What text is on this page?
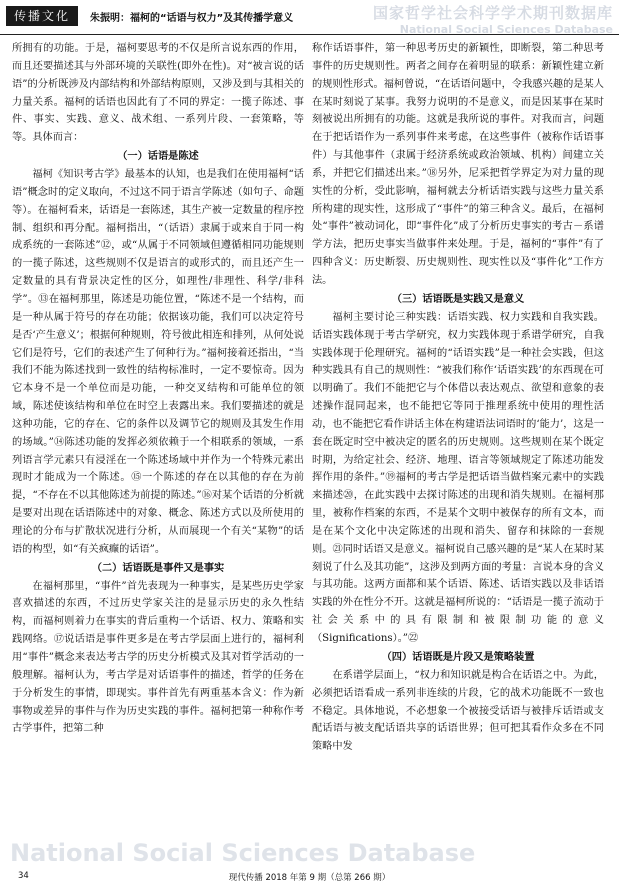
传播文化	朱振明：福柯的“话语与权力”及其传播学意义	国家哲学社会科学学术期刊数据库
National Social Sciences Database

所拥有的功能。于是，福柯要思考的不仅是所言说东西的作用，而且还要描述其与外部环境的关联性(即外在性)。对“被言说的话语”的分析既涉及内部结构和外部结构原则，又涉及到与其相关的力量关系。福柯的话语也因此有了不同的界定：一揽子陈述、事件、事实、实践、意义、战术组、一系列片段、一套策略，等等。具体而言：

（一）话语是陈述

福柯《知识考古学》最基本的认知，也是我们在使用福柯“话语”概念时的定义取向，不过这不同于语言学陈述（如句子、命题等）。在福柯看来，话语是一套陈述，其生产被一定数量的程序控制、组织和再分配。福柯指出，“（话语）隶属于或来自于同一构成系统的一套陈述”⑫，或“从属于不同领域但遵循相同功能规则的一揽子陈述，这些规则不仅是语言的或形式的，而且还产生一定数量的具有背景决定性的区分，如理性/非理性、科学/非科学”。⑬在福柯那里，陈述是功能位置，“陈述不是一个结构，而是一种从属于符号的存在功能；依据该功能，我们可以决定符号是否‘产生意义’；根据何种规则，符号彼此相连和排列，从何处说它们是符号，它们的表述产生了何种行为。”福柯接着还指出，“当我们不能为陈述找到一致性的结构标准时，一定不要惊奇。因为它本身不是一个单位而是功能，一种交叉结构和可能单位的领域，陈述使该结构和单位在时空上表露出来。我们要描述的就是这种功能，它的存在、它的条件以及调节它的规则及其发生作用的场域。”⑭陈述功能的发挥必须依赖于一个相联系的领域，一系列语言学元素只有浸淫在一个陈述场域中并作为一个特殊元素出现时才能成为一个陈述。⑮一个陈述的存在以其他的存在为前提，“不存在不以其他陈述为前提的陈述。”⑯对某个话语的分析就是要对出现在话语陈述中的对象、概念、陈述方式以及所使用的理论的分布与扩散状况进行分析，从而展现一个有关“某物”的话语的构型，如“有关疯癫的话语”。

（二）话语既是事件又是事实

在福柯那里，“事件”首先表现为一种事实，是某些历史学家喜欢描述的东西，不过历史学家关注的是显示历史的永久性结构，而福柯则着力在事实的背后重构一个话语、权力、策略和实践网络。⑰说话语是事件更多是在考古学层面上进行的，福柯利用“事件”概念来表达考古学的历史分析模式及其对哲学活动的一般理解。福柯认为，考古学是对话语事件的描述，哲学的任务在于分析发生的事情，即现实。事件首先有两重基本含义：作为新事物或差异的事件与作为历史实践的事件。福柯把第一种称作考古学事件，把第二种

称作话语事件，第一种思考历史的新颖性，即断裂，第二种思考事件的历史规则性。两者之间存在着明显的联系：新颖性建立新的规则性形式。福柯曾说，“在话语问题中，令我感兴趣的是某人在某时刻说了某事。我努力说明的不是意义，而是因某事在某时刻被说出所拥有的功能。这就是我所说的事件。对我而言，问题在于把话语作为一系列事件来考虑，在这些事件（被称作话语事件）与其他事件（隶属于经济系统或政治领域、机构）间建立关系，并把它们描述出来。”⑱另外，尼采把哲学界定为对力量的现实性的分析，受此影响，福柯就去分析话语实践与这些力量关系所构建的现实性，这形成了“事件”的第三种含义。最后，在福柯处“事件”被动词化，即“事件化”成了分析历史事实的考古－系谱学方法，把历史事实当做事件来处理。于是，福柯的“事件”有了四种含义：历史断裂、历史规则性、现实性以及“事件化”工作方法。

（三）话语既是实践又是意义

福柯主要讨论三种实践：话语实践、权力实践和自我实践。话语实践体现于考古学研究，权力实践体现于系谱学研究，自我实践体现于伦理研究。福柯的“话语实践”是一种社会实践，但这种实践具有自己的规则性：“被我们称作‘话语实践’的东西现在可以明确了。我们不能把它与个体借以表达观点、欲望和意象的表述操作混同起来，也不能把它等同于推理系统中使用的理性活动，也不能把它看作讲话主体在构建语法词语时的‘能力’，这是一套在既定时空中被决定的匿名的历史规则。这些规则在某个既定时期，为给定社会、经济、地理、语言等领域规定了陈述功能发挥作用的条件。”⑲福柯的考古学是把话语当做档案元素中的实践来描述⑳，在此实践中去探讨陈述的出现和消失规则。在福柯那里，被称作档案的东西，不是某个文明中被保存的所有文本，而是在某个文化中决定陈述的出现和消失、留存和抹除的一套规则。㉑同时话语又是意义。福柯说自己感兴趣的是“某人在某时某刻说了什么及其功能”，这涉及到两方面的考量：言说本身的含义与其功能。这两方面都和某个话语、陈述、话语实践以及非话语实践的外在性分不开。这就是福柯所说的：“话语是一揽子流动于社会关系中的具有限制和被限制功能的意义（Significations）。”㉒

（四）话语既是片段又是策略装置

在系谱学层面上，“权力和知识就是构合在话语之中。为此，必须把话语看成一系列非连续的片段，它的战术功能既不一致也不稳定。具体地说，不必想象一个被接受话语与被排斥话语或支配话语与被支配话语共享的话语世界；但可把其看作众多在不同策略中发

National Social Sciences Database
34	现代传播 2018 年第 9 期（总第 266 期）
